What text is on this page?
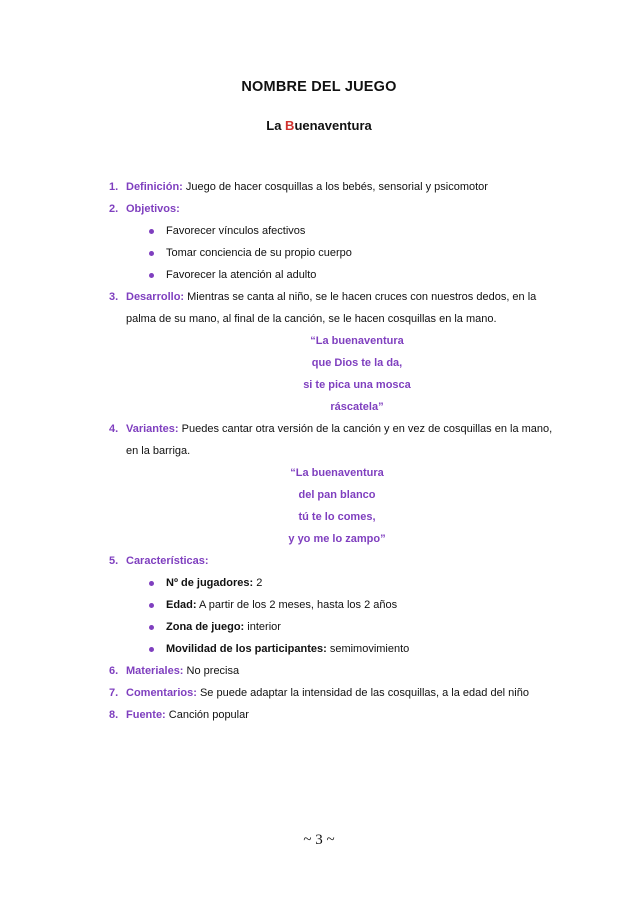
NOMBRE DEL JUEGO
La Buenaventura
1. Definición: Juego de hacer cosquillas a los bebés, sensorial y psicomotor
2. Objetivos:
Favorecer vínculos afectivos
Tomar conciencia de su propio cuerpo
Favorecer la atención al adulto
3. Desarrollo: Mientras se canta al niño, se le hacen cruces con nuestros dedos, en la
palma de su mano, al final de la canción, se le hacen cosquillas en la mano.
“La buenaventura
que Dios te la da,
si te pica una mosca
ráscatela”
4. Variantes: Puedes cantar otra versión de la canción y en vez de cosquillas en la mano,
en la barriga.
“La buenaventura
del pan blanco
tú te lo comes,
y yo me lo zampo”
5. Características:
Nº de jugadores: 2
Edad: A partir de los 2 meses, hasta los 2 años
Zona de juego: interior
Movilidad de los participantes: semimovimiento
6. Materiales: No precisa
7. Comentarios: Se puede adaptar la intensidad de las cosquillas, a la edad del niño
8. Fuente: Canción popular
~ 3 ~
